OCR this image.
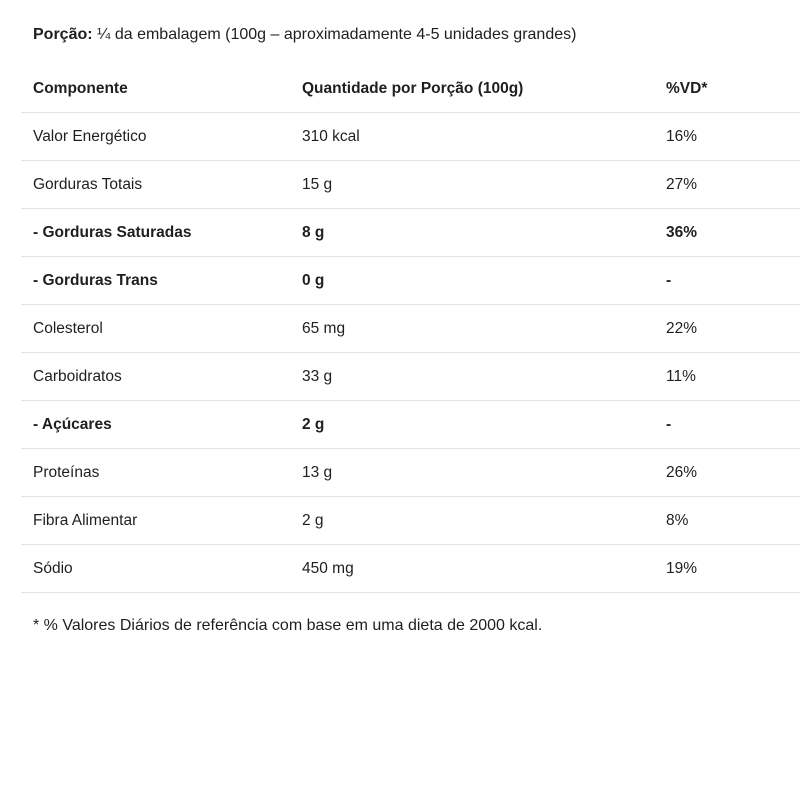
Porção: ¼ da embalagem (100g – aproximadamente 4-5 unidades grandes)
Componente	Quantidade por Porção (100g)	%VD*
Valor Energético	310 kcal	16%
Gorduras Totais	15 g	27%
- Gorduras Saturadas	8 g	36%
- Gorduras Trans	0 g	-
Colesterol	65 mg	22%
Carboidratos	33 g	11%
- Açúcares	2 g	-
Proteínas	13 g	26%
Fibra Alimentar	2 g	8%
Sódio	450 mg	19%
* % Valores Diários de referência com base em uma dieta de 2000 kcal.
